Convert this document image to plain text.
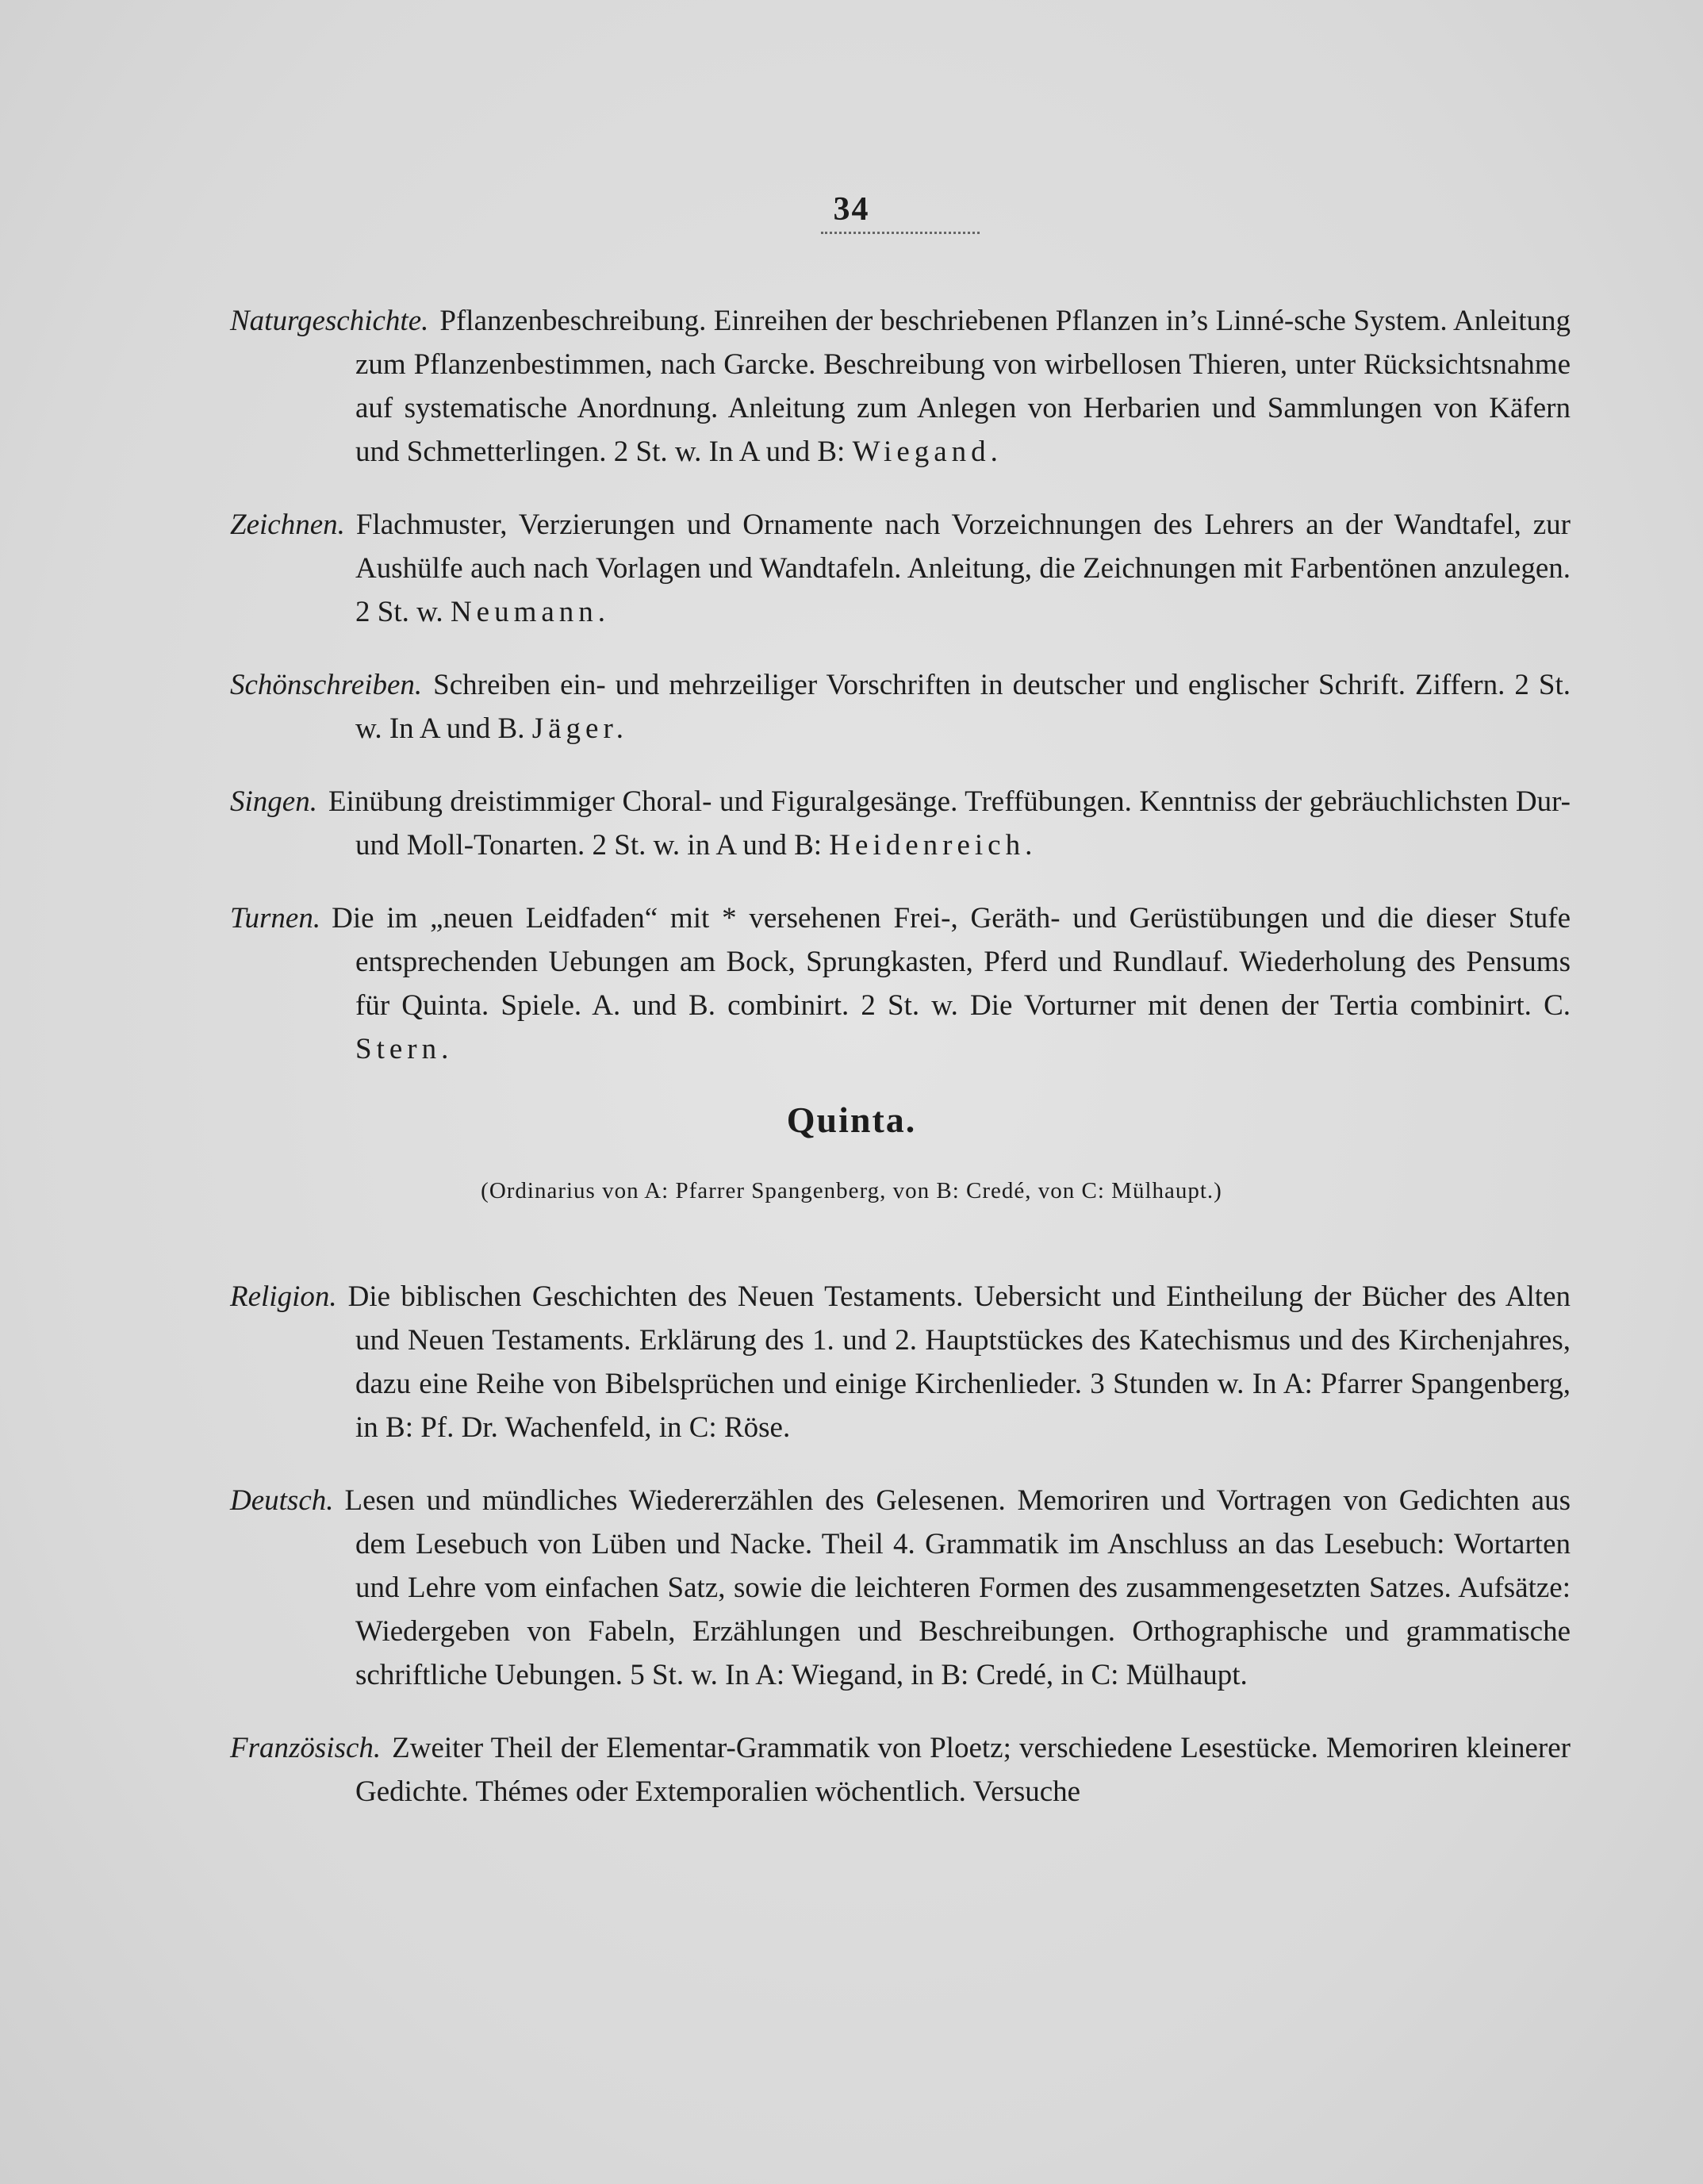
34

Naturgeschichte. Pflanzenbeschreibung. Einreihen der beschriebenen Pflanzen in’s Linné-sche System. Anleitung zum Pflanzenbestimmen, nach Garcke. Beschreibung von wirbellosen Thieren, unter Rücksichtsnahme auf systematische Anordnung. Anleitung zum Anlegen von Herbarien und Sammlungen von Käfern und Schmetterlingen. 2 St. w. In A und B: Wiegand.

Zeichnen. Flachmuster, Verzierungen und Ornamente nach Vorzeichnungen des Lehrers an der Wandtafel, zur Aushülfe auch nach Vorlagen und Wandtafeln. Anleitung, die Zeichnungen mit Farbentönen anzulegen. 2 St. w. Neumann.

Schönschreiben. Schreiben ein- und mehrzeiliger Vorschriften in deutscher und englischer Schrift. Ziffern. 2 St. w. In A und B. Jäger.

Singen. Einübung dreistimmiger Choral- und Figuralgesänge. Treffübungen. Kenntniss der gebräuchlichsten Dur- und Moll-Tonarten. 2 St. w. in A und B: Heidenreich.

Turnen. Die im „neuen Leidfaden“ mit * versehenen Frei-, Geräth- und Gerüstübungen und die dieser Stufe entsprechenden Uebungen am Bock, Sprungkasten, Pferd und Rundlauf. Wiederholung des Pensums für Quinta. Spiele. A. und B. combinirt. 2 St. w. Die Vorturner mit denen der Tertia combinirt. C. Stern.

Quinta.
(Ordinarius von A: Pfarrer Spangenberg, von B: Credé, von C: Mülhaupt.)

Religion. Die biblischen Geschichten des Neuen Testaments. Uebersicht und Eintheilung der Bücher des Alten und Neuen Testaments. Erklärung des 1. und 2. Hauptstückes des Katechismus und des Kirchenjahres, dazu eine Reihe von Bibelsprüchen und einige Kirchenlieder. 3 Stunden w. In A: Pfarrer Spangenberg, in B: Pf. Dr. Wachenfeld, in C: Röse.

Deutsch. Lesen und mündliches Wiedererzählen des Gelesenen. Memoriren und Vortragen von Gedichten aus dem Lesebuch von Lüben und Nacke. Theil 4. Grammatik im Anschluss an das Lesebuch: Wortarten und Lehre vom einfachen Satz, sowie die leichteren Formen des zusammengesetzten Satzes. Aufsätze: Wiedergeben von Fabeln, Erzählungen und Beschreibungen. Orthographische und grammatische schriftliche Uebungen. 5 St. w. In A: Wiegand, in B: Credé, in C: Mülhaupt.

Französisch. Zweiter Theil der Elementar-Grammatik von Ploetz; verschiedene Lesestücke. Memoriren kleinerer Gedichte. Thémes oder Extemporalien wöchentlich. Versuche
